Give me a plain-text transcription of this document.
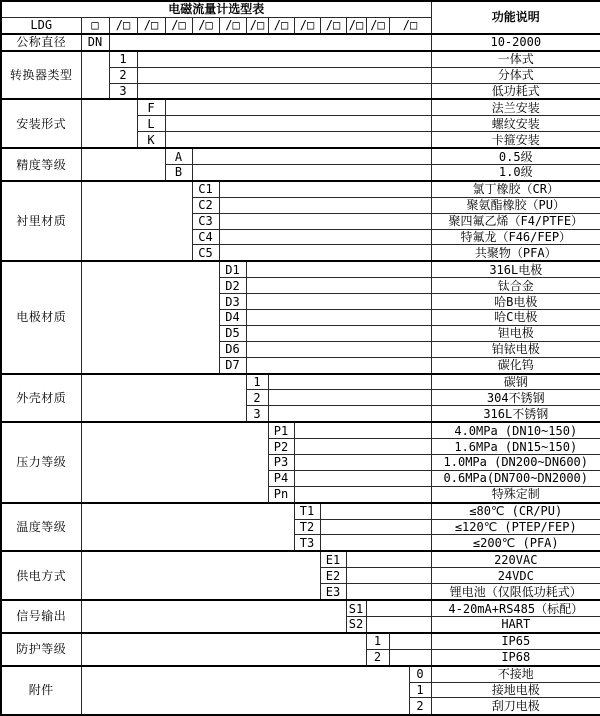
电磁流量计选型表															功能说明
LDG	□	/□	/□	/□	/□	/□	/□	/□	/□	/□	/□	/□	/□		
公称直径	DN														10-2000
转换器类型		1													一体式
		2													分体式
		3													低功耗式
安装形式			F												法兰安装
			L												螺纹安装
			K												卡箍安装
精度等级				A											0.5级
				B											1.0级
衬里材质					C1										氯丁橡胶（CR）
					C2										聚氨酯橡胶（PU）
					C3										聚四氟乙烯（F4/PTFE）
					C4										特氟龙（F46/FEP）
					C5										共聚物（PFA）
电极材质						D1									316L电极
						D2									钛合金
						D3									哈B电极
						D4									哈C电极
						D5									钽电极
						D6									铂铱电极
						D7									碳化钨
外壳材质							1								碳钢
							2								304不锈钢
							3								316L不锈钢
压力等级								P1							4.0MPa (DN10~150)
								P2							1.6MPa (DN15~150)
								P3							1.0MPa (DN200~DN600)
								P4							0.6MPa(DN700~DN2000)
								Pn							特殊定制
温度等级									T1						≤80℃ (CR/PU)
									T2						≤120℃ (PTEP/FEP)
									T3						≤200℃ (PFA)
供电方式										E1					220VAC
										E2					24VDC
										E3					锂电池（仅限低功耗式）
信号输出											S1				4-20mA+RS485（标配）
											S2				HART
防护等级												1			IP65
												2			IP68
附件														0	不接地
														1	接地电极
														2	刮刀电极
